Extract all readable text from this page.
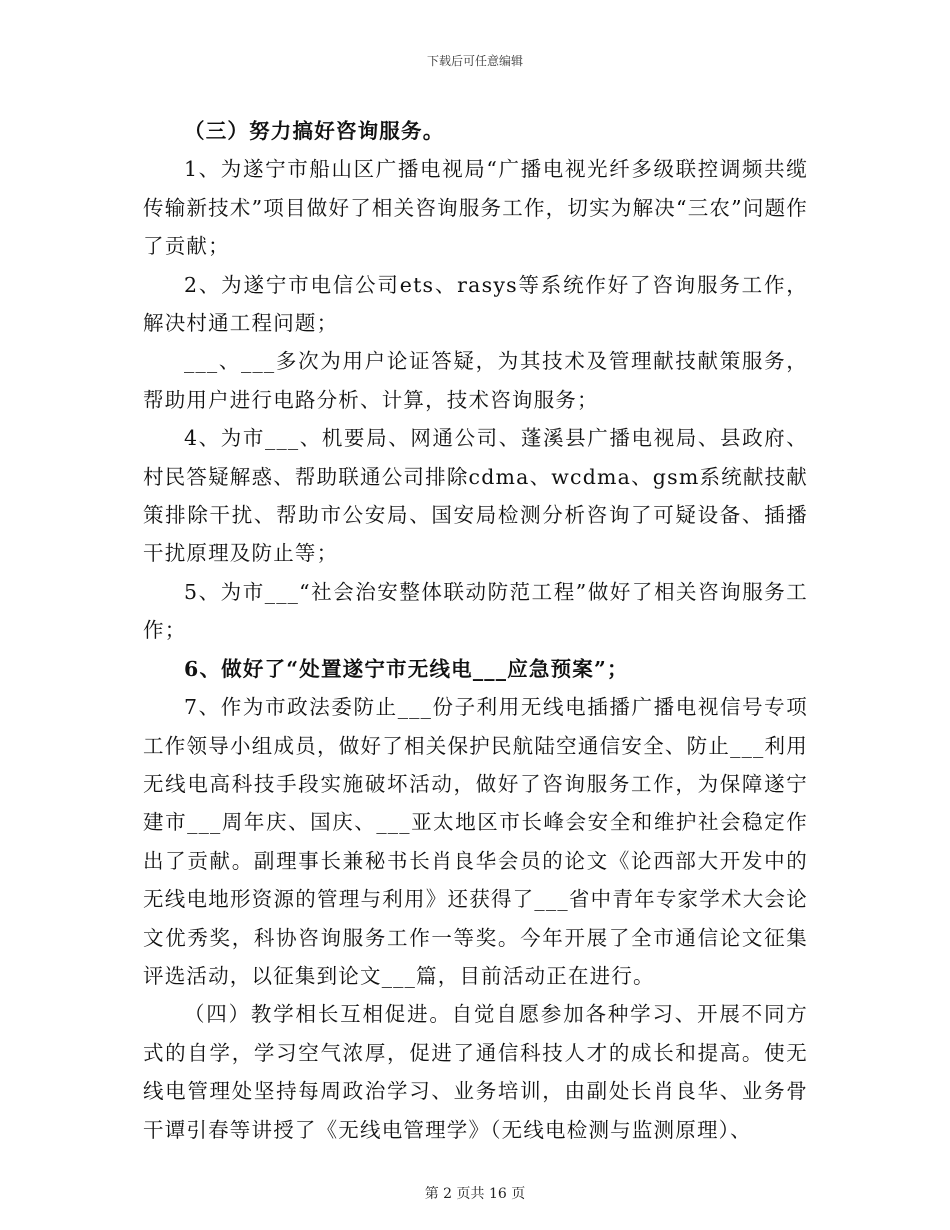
下载后可任意编辑

（三）努力搞好咨询服务。

1、为遂宁市船山区广播电视局“广播电视光纤多级联控调频共缆传输新技术”项目做好了相关咨询服务工作，切实为解决“三农”问题作了贡献；

2、为遂宁市电信公司ets、rasys等系统作好了咨询服务工作，解决村通工程问题；

___、___多次为用户论证答疑，为其技术及管理献技献策服务，帮助用户进行电路分析、计算，技术咨询服务；

4、为市___、机要局、网通公司、蓬溪县广播电视局、县政府、村民答疑解惑、帮助联通公司排除cdma、wcdma、gsm系统献技献策排除干扰、帮助市公安局、国安局检测分析咨询了可疑设备、插播干扰原理及防止等；

5、为市___“社会治安整体联动防范工程”做好了相关咨询服务工作；

6、做好了“处置遂宁市无线电___应急预案”；

7、作为市政法委防止___份子利用无线电插播广播电视信号专项工作领导小组成员，做好了相关保护民航陆空通信安全、防止___利用无线电高科技手段实施破坏活动，做好了咨询服务工作，为保障遂宁建市___周年庆、国庆、___亚太地区市长峰会安全和维护社会稳定作出了贡献。副理事长兼秘书长肖良华会员的论文《论西部大开发中的无线电地形资源的管理与利用》还获得了___省中青年专家学术大会论文优秀奖，科协咨询服务工作一等奖。今年开展了全市通信论文征集评选活动，以征集到论文___篇，目前活动正在进行。

（四）教学相长互相促进。自觉自愿参加各种学习、开展不同方式的自学，学习空气浓厚，促进了通信科技人才的成长和提高。使无线电管理处坚持每周政治学习、业务培训，由副处长肖良华、业务骨干谭引春等讲授了《无线电管理学》（无线电检测与监测原理）、

第 2 页共 16 页
